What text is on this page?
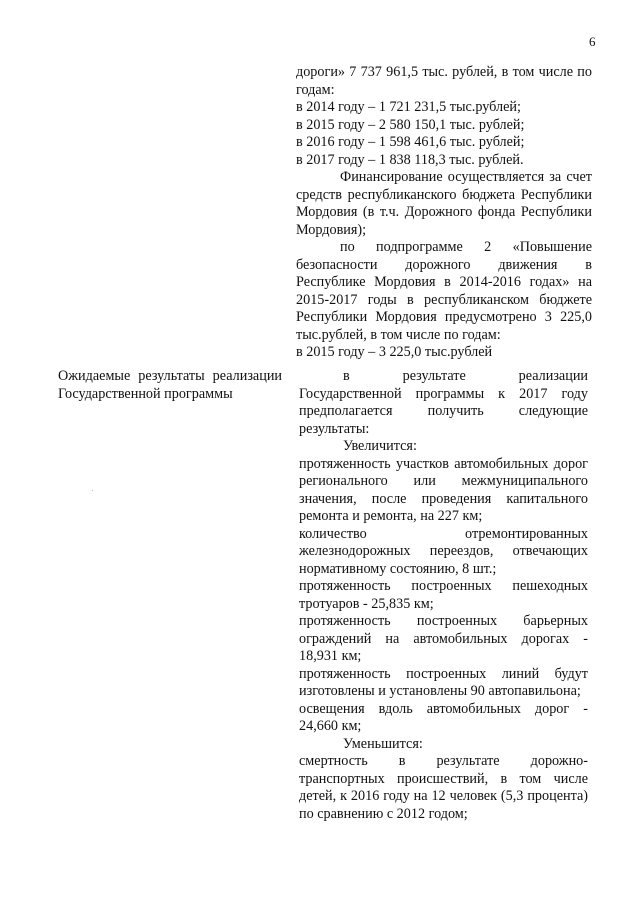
6

дороги» 7 737 961,5 тыс. рублей, в том числе по годам:

в 2014 году – 1 721 231,5 тыс.рублей;

в 2015 году – 2 580 150,1 тыс. рублей;

в 2016 году – 1 598 461,6 тыс. рублей;

в 2017 году – 1 838 118,3 тыс. рублей.

Финансирование осуществляется за счет средств республиканского бюджета Республики Мордовия (в т.ч. Дорожного фонда Республики Мордовия);

по подпрограмме 2 «Повышение безопасности дорожного движения в Республике Мордовия в 2014-2016 годах» на 2015-2017 годы в республиканском бюджете Республики Мордовия предусмотрено 3 225,0 тыс.рублей, в том числе по годам:

в 2015 году – 3 225,0 тыс.рублей

Ожидаемые результаты реализации Государственной программы

в результате реализации Государственной программы к 2017 году предполагается получить следующие результаты:

Увеличится:

протяженность участков автомобильных дорог регионального или межмуниципального значения, после проведения капитального ремонта и ремонта, на 227 км;

количество отремонтированных железнодорожных переездов, отвечающих нормативному состоянию, 8 шт.;

протяженность построенных пешеходных тротуаров - 25,835 км;

протяженность построенных барьерных ограждений на автомобильных дорогах - 18,931 км;

протяженность построенных линий будут изготовлены и установлены 90 автопавильона;

освещения вдоль автомобильных дорог - 24,660 км;

Уменьшится:

смертность в результате дорожно-транспортных происшествий, в том числе детей, к 2016 году на 12 человек (5,3 процента) по сравнению с 2012 годом;
